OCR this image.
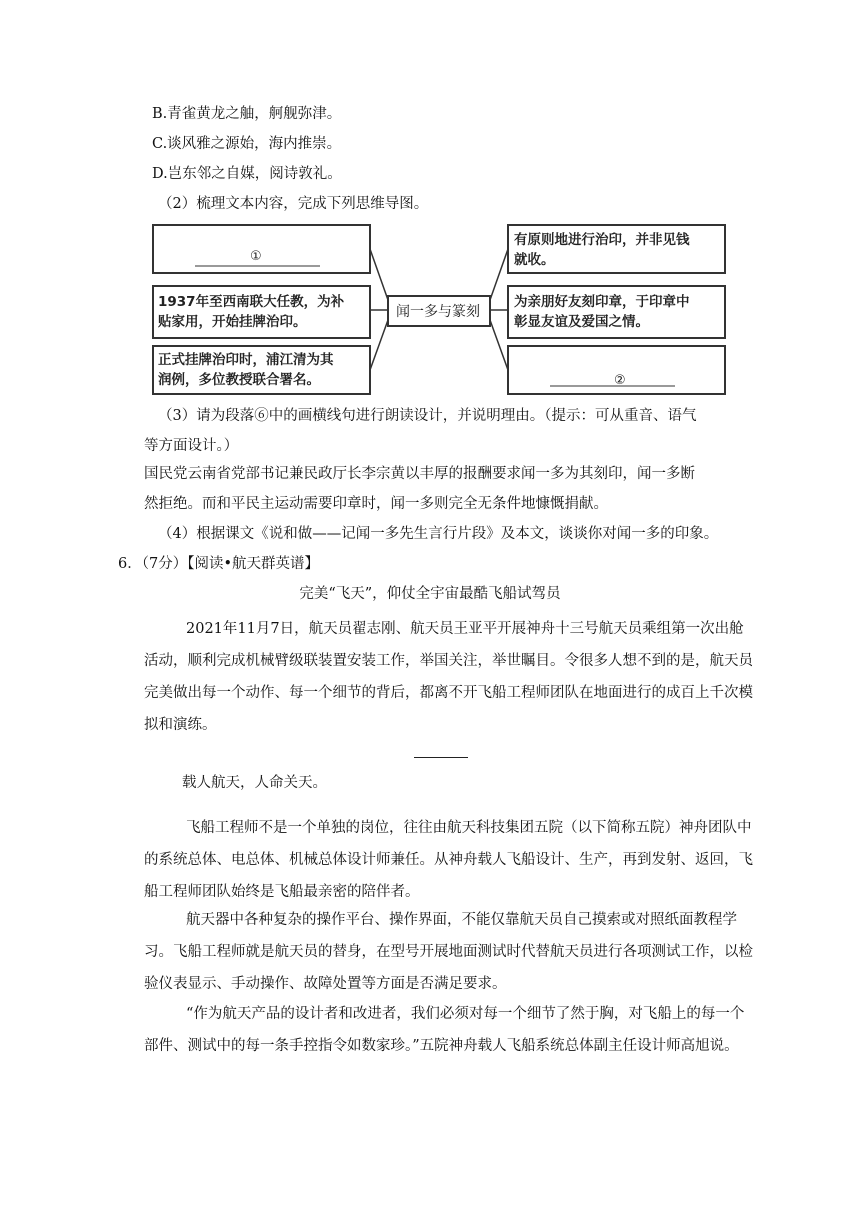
B.青雀黄龙之舳，舸舰弥津。
C.谈风雅之源始，海内推崇。
D.岂东邻之自媒，阅诗敦礼。
（2）梳理文本内容，完成下列思维导图。
①
1937年至西南联大任教，为补
贴家用，开始挂牌治印。
正式挂牌治印时，浦江清为其
润例，多位教授联合署名。
闻一多与篆刻
有原则地进行治印，并非见钱
就收。
为亲朋好友刻印章，于印章中
彰显友谊及爱国之情。
②
（3）请为段落⑥中的画横线句进行朗读设计，并说明理由。（提示：可从重音、语气
等方面设计。）
国民党云南省党部书记兼民政厅长李宗黄以丰厚的报酬要求闻一多为其刻印，闻一多断
然拒绝。而和平民主运动需要印章时，闻一多则完全无条件地慷慨捐献。
（4）根据课文《说和做——记闻一多先生言行片段》及本文，谈谈你对闻一多的印象。
6．（7分）【阅读•航天群英谱】
完美“飞天”，仰仗全宇宙最酷飞船试驾员
2021年11月7日，航天员翟志刚、航天员王亚平开展神舟十三号航天员乘组第一次出舱活动，顺利完成机械臂级联装置安装工作，举国关注，举世瞩目。令很多人想不到的是，航天员完美做出每一个动作、每一个细节的背后，都离不开飞船工程师团队在地面进行的成百上千次模拟和演练。
载人航天，人命关天。
飞船工程师不是一个单独的岗位，往往由航天科技集团五院（以下简称五院）神舟团队中的系统总体、电总体、机械总体设计师兼任。从神舟载人飞船设计、生产，再到发射、返回，飞船工程师团队始终是飞船最亲密的陪伴者。
航天器中各种复杂的操作平台、操作界面，不能仅靠航天员自己摸索或对照纸面教程学习。飞船工程师就是航天员的替身，在型号开展地面测试时代替航天员进行各项测试工作，以检验仪表显示、手动操作、故障处置等方面是否满足要求。
“作为航天产品的设计者和改进者，我们必须对每一个细节了然于胸，对飞船上的每一个部件、测试中的每一条手控指令如数家珍。”五院神舟载人飞船系统总体副主任设计师高旭说。
